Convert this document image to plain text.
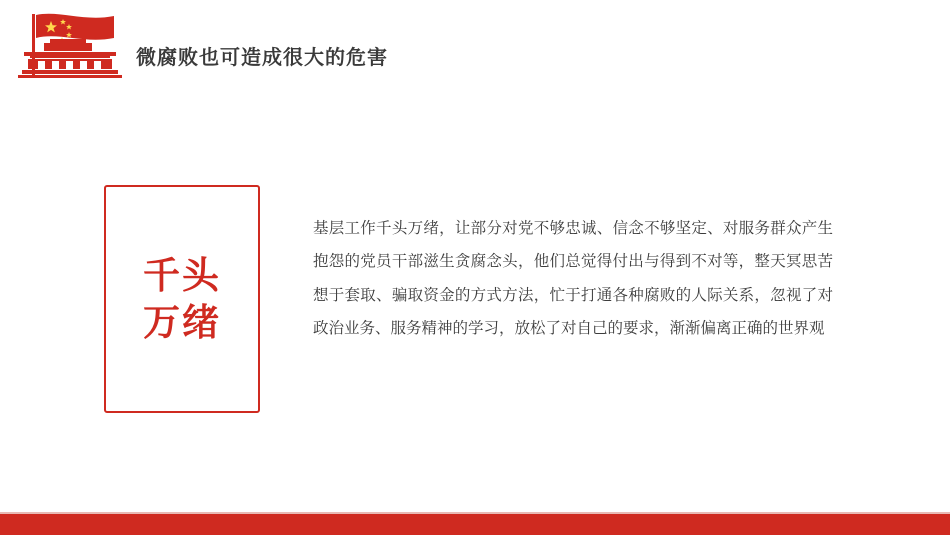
微腐败也可造成很大的危害
千头
万绪
基层工作千头万绪，让部分对党不够忠诚、信念不够坚定、对服务群众产生抱怨的党员干部滋生贪腐念头，他们总觉得付出与得到不对等，整天冥思苦想于套取、骗取资金的方式方法，忙于打通各种腐败的人际关系，忽视了对政治业务、服务精神的学习，放松了对自己的要求，渐渐偏离正确的世界观
